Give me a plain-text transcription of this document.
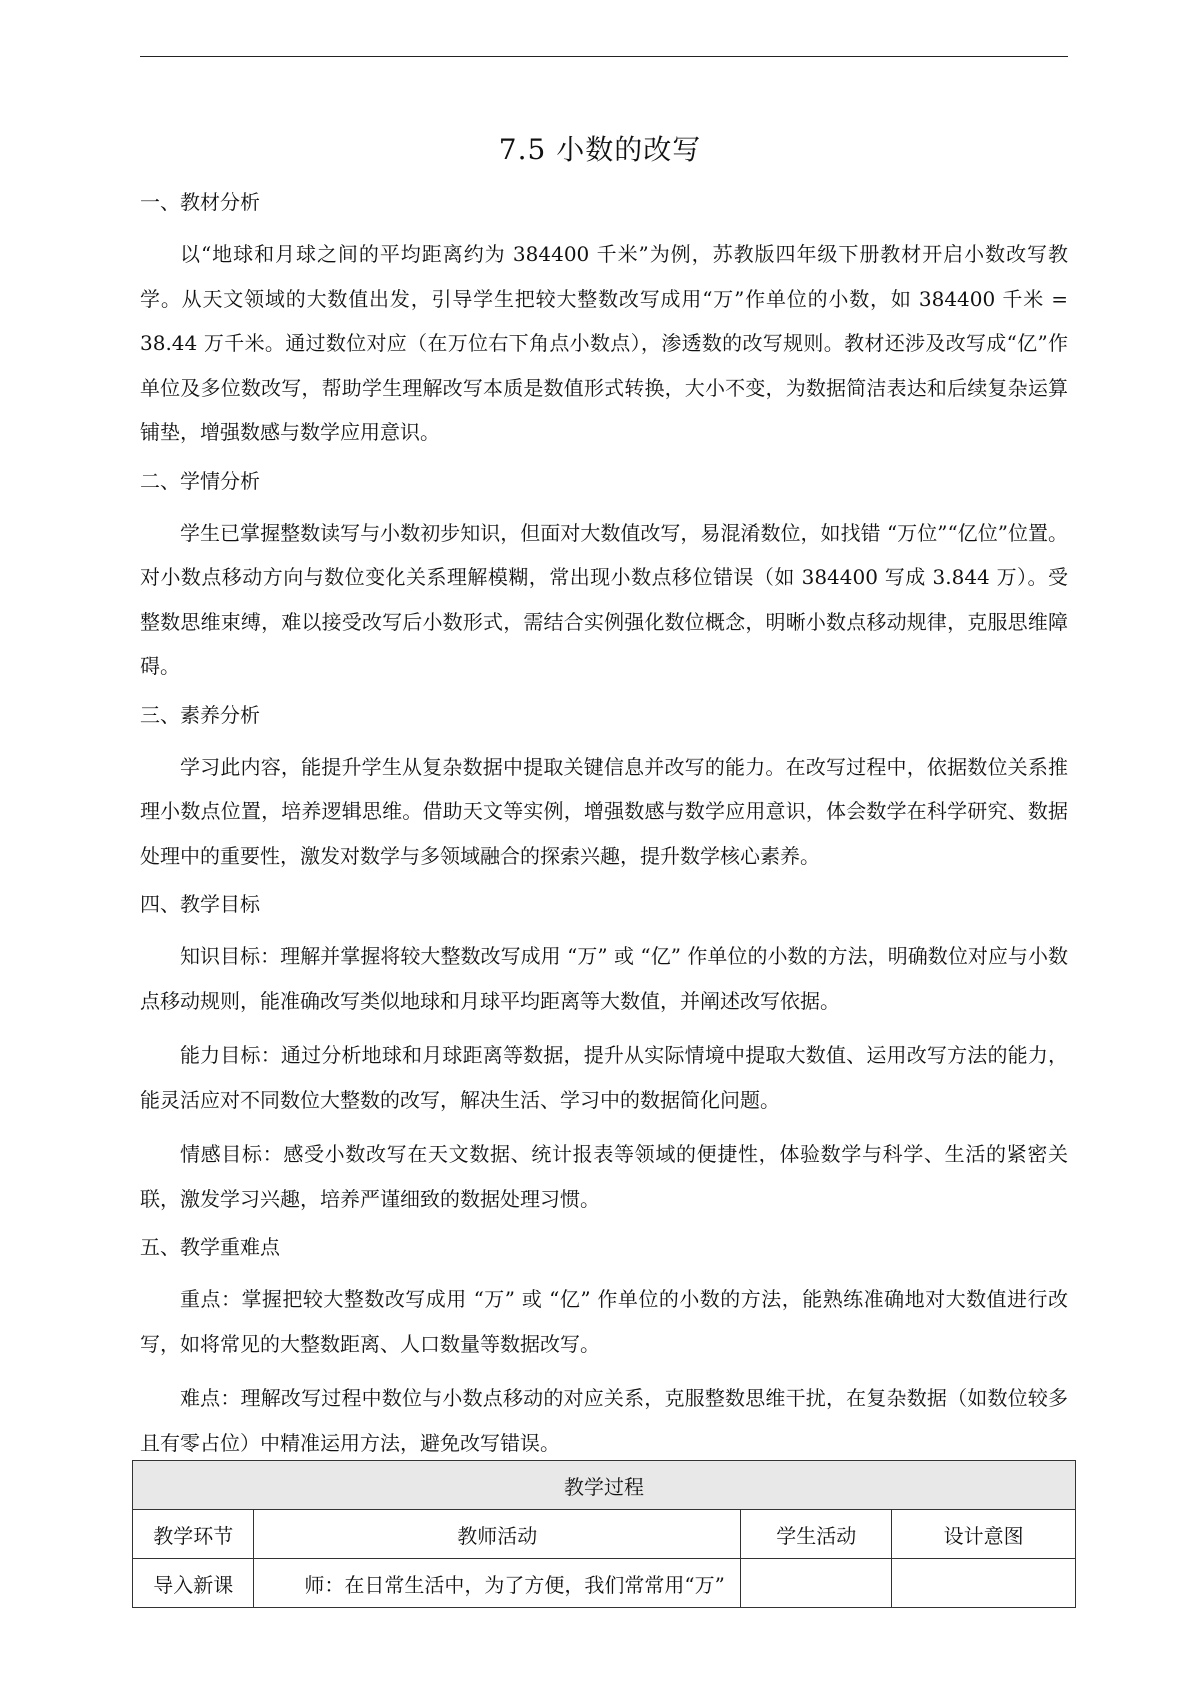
7.5 小数的改写
一、教材分析

以“地球和月球之间的平均距离约为 384400 千米”为例，苏教版四年级下册教材开启小数改写教学。从天文领域的大数值出发，引导学生把较大整数改写成用“万”作单位的小数，如 384400 千米 = 38.44 万千米。通过数位对应（在万位右下角点小数点），渗透数的改写规则。教材还涉及改写成“亿”作单位及多位数改写，帮助学生理解改写本质是数值形式转换，大小不变，为数据简洁表达和后续复杂运算铺垫，增强数感与数学应用意识。

二、学情分析

学生已掌握整数读写与小数初步知识，但面对大数值改写，易混淆数位，如找错 “万位”“亿位”位置。对小数点移动方向与数位变化关系理解模糊，常出现小数点移位错误（如 384400 写成 3.844 万）。受整数思维束缚，难以接受改写后小数形式，需结合实例强化数位概念，明晰小数点移动规律，克服思维障碍。

三、素养分析

学习此内容，能提升学生从复杂数据中提取关键信息并改写的能力。在改写过程中，依据数位关系推理小数点位置，培养逻辑思维。借助天文等实例，增强数感与数学应用意识，体会数学在科学研究、数据处理中的重要性，激发对数学与多领域融合的探索兴趣，提升数学核心素养。

四、教学目标

知识目标：理解并掌握将较大整数改写成用 “万” 或 “亿” 作单位的小数的方法，明确数位对应与小数点移动规则，能准确改写类似地球和月球平均距离等大数值，并阐述改写依据。

能力目标：通过分析地球和月球距离等数据，提升从实际情境中提取大数值、运用改写方法的能力，能灵活应对不同数位大整数的改写，解决生活、学习中的数据简化问题。

情感目标：感受小数改写在天文数据、统计报表等领域的便捷性，体验数学与科学、生活的紧密关联，激发学习兴趣，培养严谨细致的数据处理习惯。

五、教学重难点

重点：掌握把较大整数改写成用 “万” 或 “亿” 作单位的小数的方法，能熟练准确地对大数值进行改写，如将常见的大整数距离、人口数量等数据改写。

难点：理解改写过程中数位与小数点移动的对应关系，克服整数思维干扰，在复杂数据（如数位较多且有零占位）中精准运用方法，避免改写错误。

教学过程			
教学环节	教师活动	学生活动	设计意图
导入新课	师：在日常生活中，为了方便，我们常常用“万”		
